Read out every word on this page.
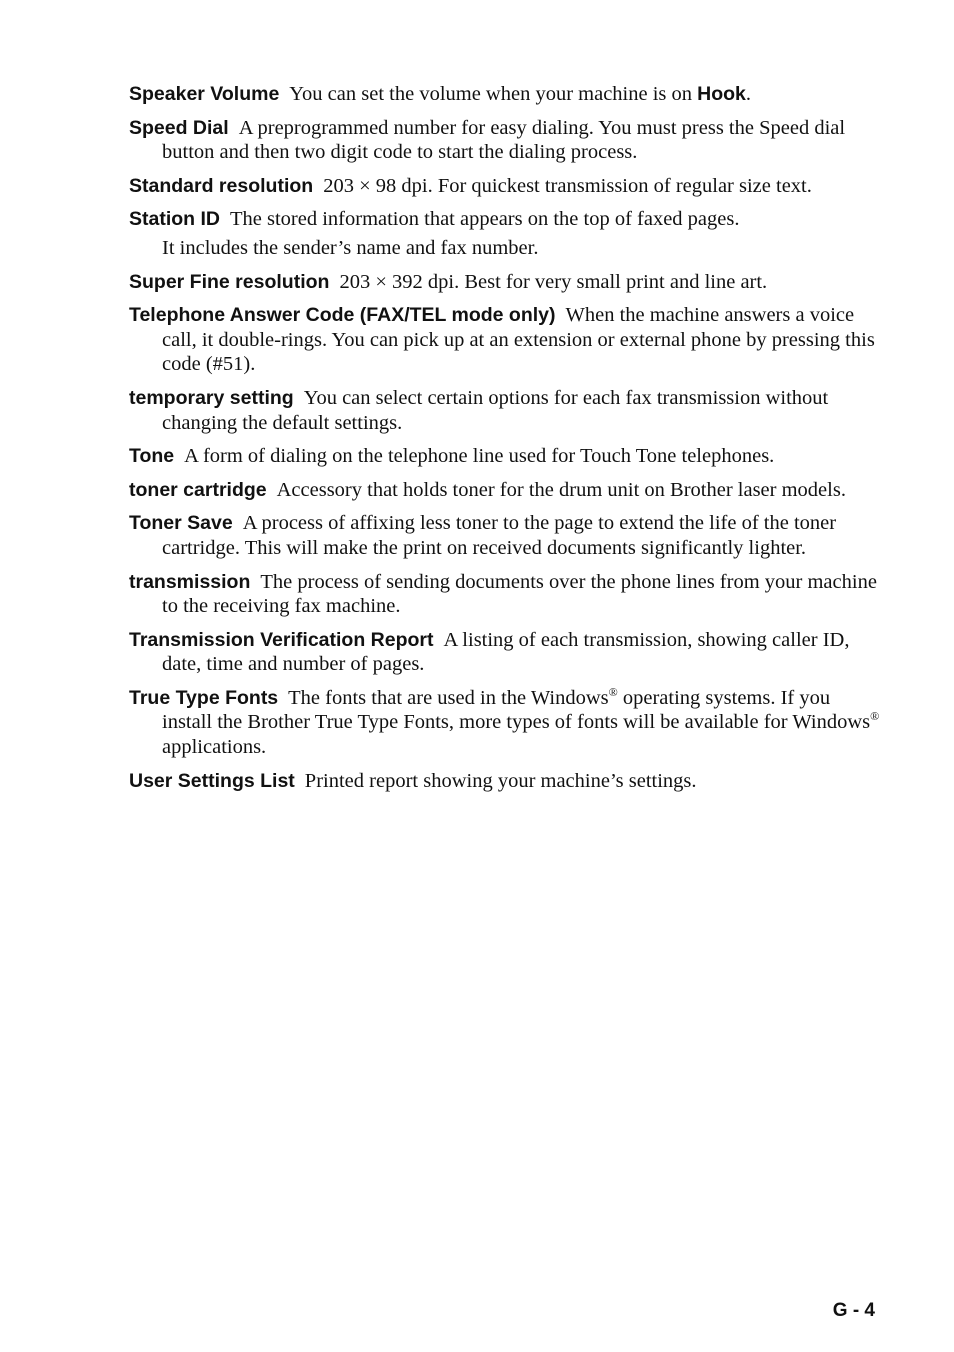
Speaker Volume You can set the volume when your machine is on Hook.

Speed Dial A preprogrammed number for easy dialing. You must press the Speed dial button and then two digit code to start the dialing process.

Standard resolution 203 × 98 dpi. For quickest transmission of regular size text.

Station ID The stored information that appears on the top of faxed pages.

It includes the sender’s name and fax number.

Super Fine resolution 203 × 392 dpi. Best for very small print and line art.

Telephone Answer Code (FAX/TEL mode only) When the machine answers a voice call, it double-rings. You can pick up at an extension or external phone by pressing this code (#51).

temporary setting You can select certain options for each fax transmission without changing the default settings.

Tone A form of dialing on the telephone line used for Touch Tone telephones.

toner cartridge Accessory that holds toner for the drum unit on Brother laser models.

Toner Save A process of affixing less toner to the page to extend the life of the toner cartridge. This will make the print on received documents significantly lighter.

transmission The process of sending documents over the phone lines from your machine to the receiving fax machine.

Transmission Verification Report A listing of each transmission, showing caller ID, date, time and number of pages.

True Type Fonts The fonts that are used in the Windows® operating systems. If you install the Brother True Type Fonts, more types of fonts will be available for Windows® applications.

User Settings List Printed report showing your machine’s settings.

G - 4
